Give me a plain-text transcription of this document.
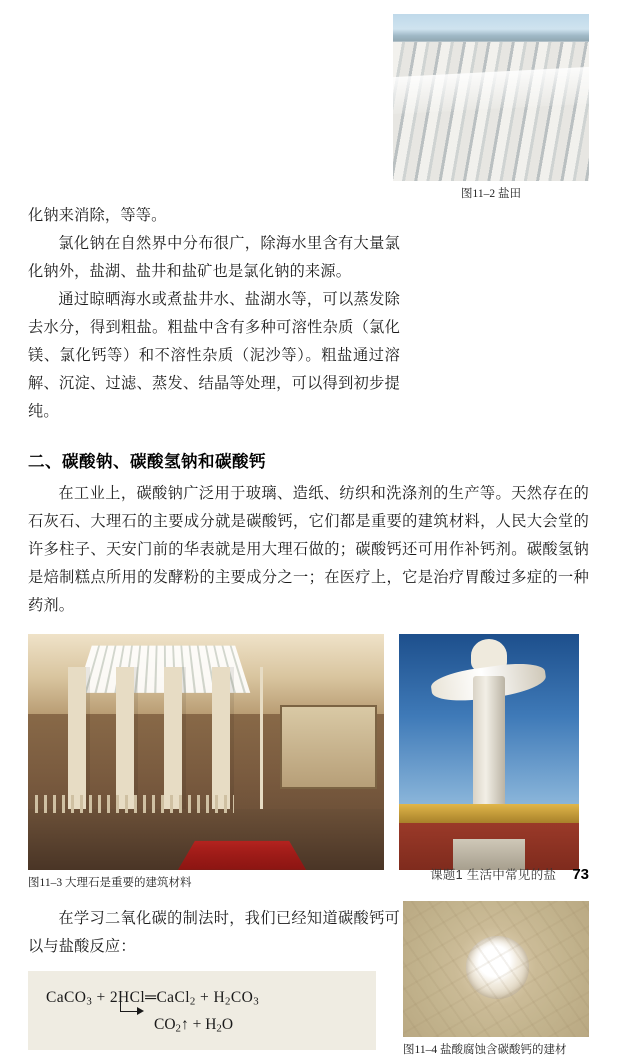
图11–2 盐田

化钠来消除，等等。

氯化钠在自然界中分布很广，除海水里含有大量氯化钠外，盐湖、盐井和盐矿也是氯化钠的来源。

通过晾晒海水或煮盐井水、盐湖水等，可以蒸发除去水分，得到粗盐。粗盐中含有多种可溶性杂质（氯化镁、氯化钙等）和不溶性杂质（泥沙等）。粗盐通过溶解、沉淀、过滤、蒸发、结晶等处理，可以得到初步提纯。

二、碳酸钠、碳酸氢钠和碳酸钙

在工业上，碳酸钠广泛用于玻璃、造纸、纺织和洗涤剂的生产等。天然存在的石灰石、大理石的主要成分就是碳酸钙，它们都是重要的建筑材料，人民大会堂的许多柱子、天安门前的华表就是用大理石做的；碳酸钙还可用作补钙剂。碳酸氢钠是焙制糕点所用的发酵粉的主要成分之一；在医疗上，它是治疗胃酸过多症的一种药剂。

图11–3 大理石是重要的建筑材料
图11–4 盐酸腐蚀含碳酸钙的建材

在学习二氧化碳的制法时，我们已经知道碳酸钙可以与盐酸反应：

CaCO$_3$ + 2HCl═CaCl$_2$ + $H_2CO_3$
$CO_2↑ + H_2O$
课题1 生活中常见的盐 73
